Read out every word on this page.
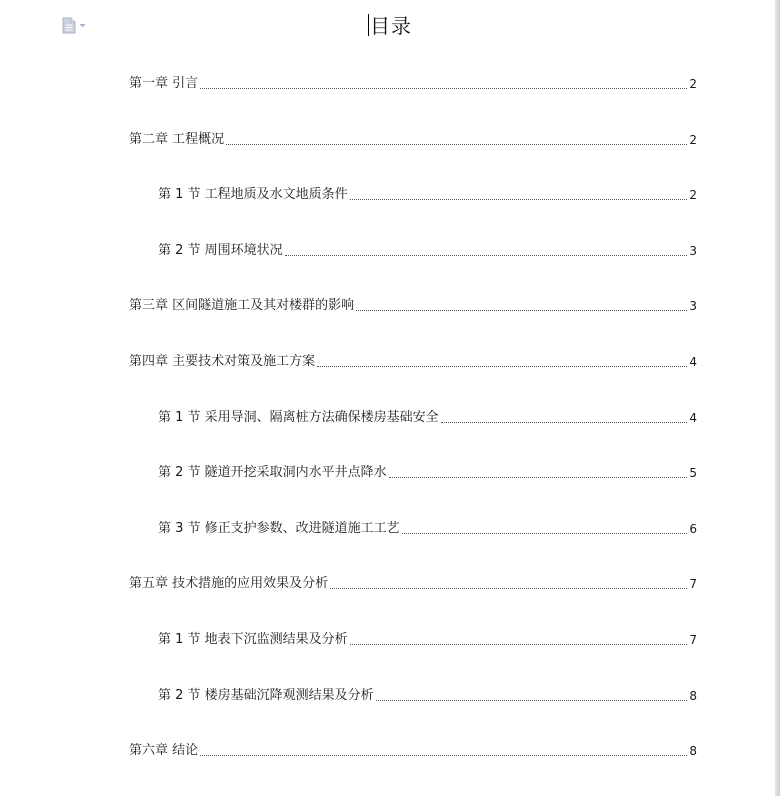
目录
第一章 引言	2
第二章 工程概况	2
第 1 节 工程地质及水文地质条件	2
第 2 节 周围环境状况	3
第三章 区间隧道施工及其对楼群的影响	3
第四章 主要技术对策及施工方案	4
第 1 节 采用导洞、隔离桩方法确保楼房基础安全	4
第 2 节 隧道开挖采取洞内水平井点降水	5
第 3 节 修正支护参数、改进隧道施工工艺	6
第五章 技术措施的应用效果及分析	7
第 1 节 地表下沉监测结果及分析	7
第 2 节 楼房基础沉降观测结果及分析	8
第六章 结论	8
